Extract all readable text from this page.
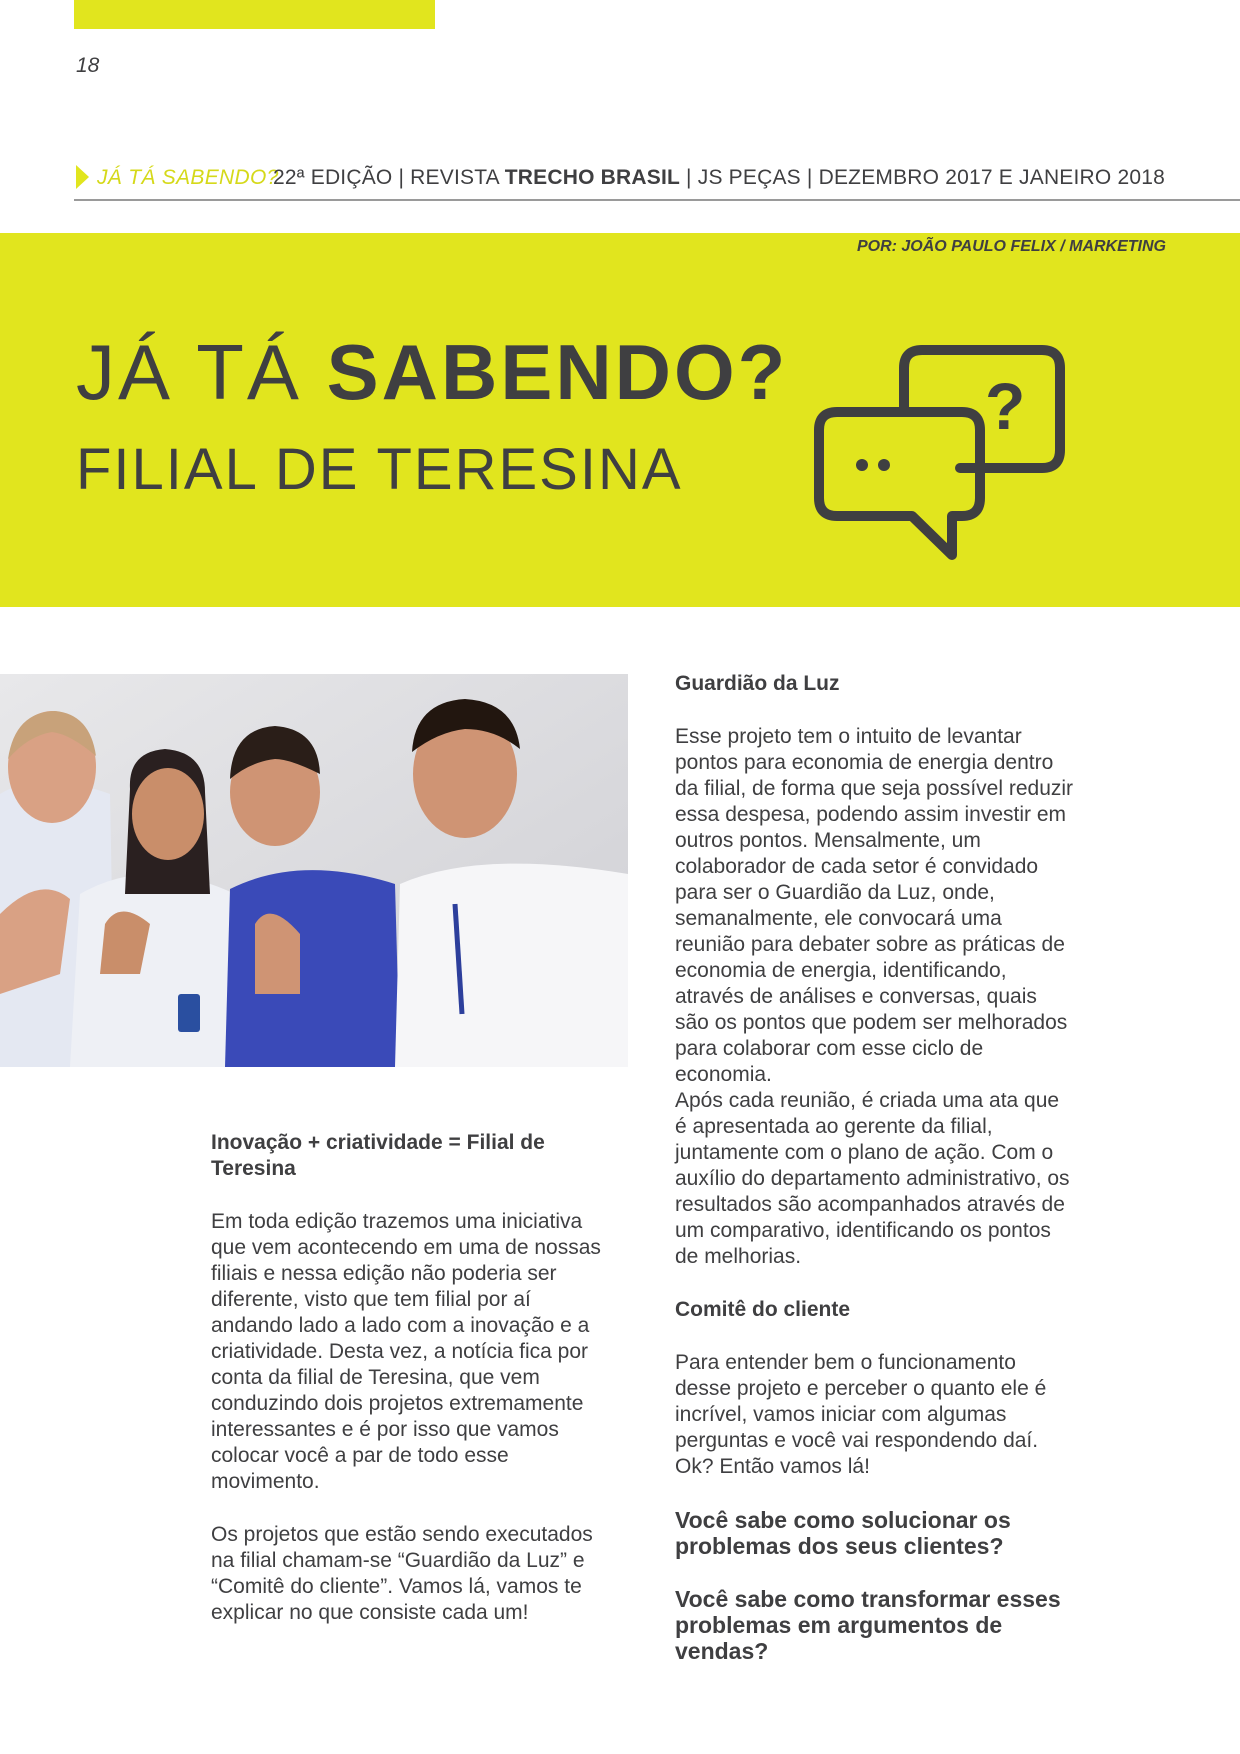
18
JÁ TÁ SABENDO?
22ª EDIÇÃO | REVISTA TRECHO BRASIL | JS PEÇAS | DEZEMBRO 2017 E JANEIRO 2018
POR: JOÃO PAULO FELIX / MARKETING
JÁ TÁ SABENDO?
FILIAL DE TERESINA
?
Inovação + criatividade = Filial de Teresina

Em toda edição trazemos uma iniciativa que vem acontecendo em uma de nossas filiais e nessa edição não poderia ser diferente, visto que tem filial por aí andando lado a lado com a inovação e a criatividade. Desta vez, a notícia fica por conta da filial de Teresina, que vem conduzindo dois projetos extremamente interessantes e é por isso que vamos colocar você a par de todo esse movimento.

Os projetos que estão sendo executados na filial chamam-se “Guardião da Luz” e “Comitê do cliente”. Vamos lá, vamos te explicar no que consiste cada um!

Guardião da Luz

Esse projeto tem o intuito de levantar pontos para economia de energia dentro da filial, de forma que seja possível reduzir essa despesa, podendo assim investir em outros pontos. Mensalmente, um colaborador de cada setor é convidado para ser o Guardião da Luz, onde, semanalmente, ele convocará uma reunião para debater sobre as práticas de economia de energia, identificando, através de análises e conversas, quais são os pontos que podem ser melhorados para colaborar com esse ciclo de economia.

Após cada reunião, é criada uma ata que é apresentada ao gerente da filial, juntamente com o plano de ação. Com o auxílio do departamento administrativo, os resultados são acompanhados através de um comparativo, identificando os pontos de melhorias.

Comitê do cliente

Para entender bem o funcionamento desse projeto e perceber o quanto ele é incrível, vamos iniciar com algumas perguntas e você vai respondendo daí. Ok? Então vamos lá!

Você sabe como solucionar os problemas dos seus clientes?
Você sabe como transformar esses problemas em argumentos de vendas?
